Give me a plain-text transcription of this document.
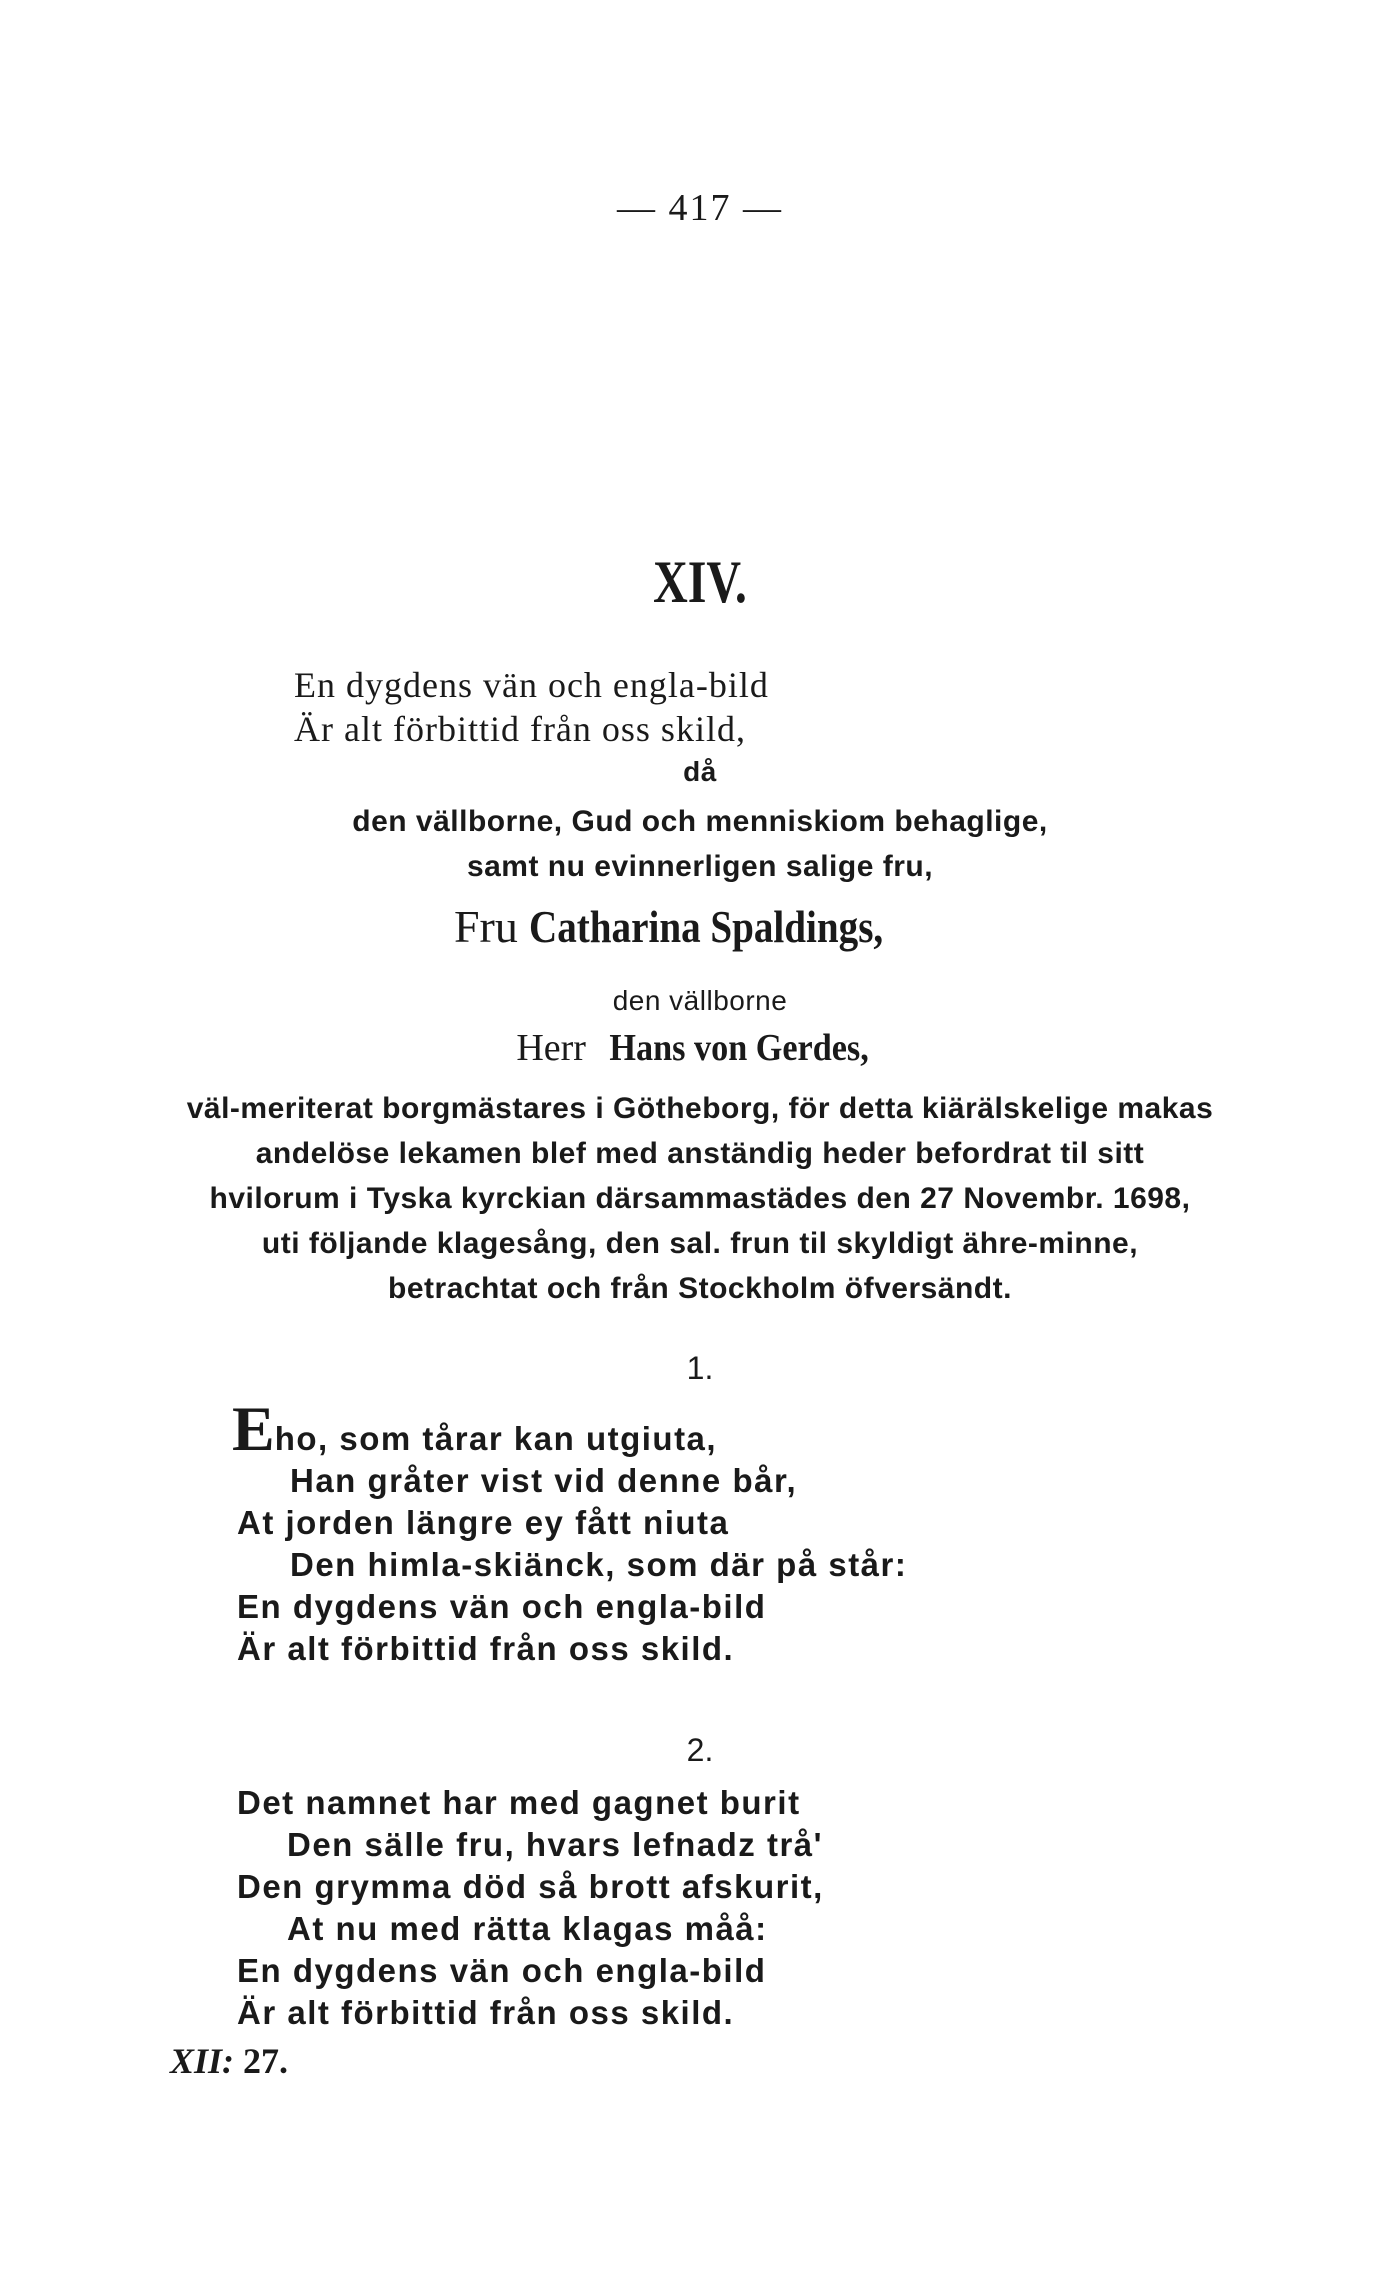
— 417 —
XIV.
En dygdens vän och engla-bild
Är alt förbittid från oss skild,
då
den vällborne, Gud och menniskiom behaglige,
samt nu evinnerligen salige fru,
Fru Catharina Spaldings,
den vällborne
Herr Hans von Gerdes,
väl-meriterat borgmästares i Götheborg, för detta kiärälskelige makas
andelöse lekamen blef med anständig heder befordrat til sitt
hvilorum i Tyska kyrckian därsammastädes den 27 Novembr. 1698,
uti följande klagesång, den sal. frun til skyldigt ähre-minne,
betrachtat och från Stockholm öfversändt.
1.
Eho, som tårar kan utgiuta,
Han gråter vist vid denne bår,
At jorden längre ey fått niuta
Den himla-skiänck, som där på står:
En dygdens vän och engla-bild
Är alt förbittid från oss skild.
2.
Det namnet har med gagnet burit
Den sälle fru, hvars lefnadz trå'
Den grymma död så brott afskurit,
At nu med rätta klagas måå:
En dygdens vän och engla-bild
Är alt förbittid från oss skild.
XII: 27.
